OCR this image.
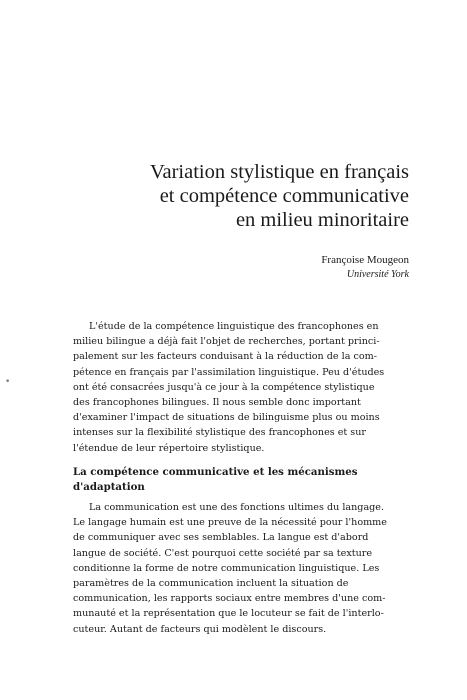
Variation stylistique en français
et compétence communicative
en milieu minoritaire
Françoise Mougeon
Université York
•
L'étude de la compétence linguistique des francophones en
milieu bilingue a déjà fait l'objet de recherches, portant princi-
palement sur les facteurs conduisant à la réduction de la com-
pétence en français par l'assimilation linguistique. Peu d'études
ont été consacrées jusqu'à ce jour à la compétence stylistique
des francophones bilingues. Il nous semble donc important
d'examiner l'impact de situations de bilinguisme plus ou moins
intenses sur la flexibilité stylistique des francophones et sur
l'étendue de leur répertoire stylistique.
La compétence communicative et les mécanismes
d'adaptation
La communication est une des fonctions ultimes du langage.
Le langage humain est une preuve de la nécessité pour l'homme
de communiquer avec ses semblables. La langue est d'abord
langue de société. C'est pourquoi cette société par sa texture
conditionne la forme de notre communication linguistique. Les
paramètres de la communication incluent la situation de
communication, les rapports sociaux entre membres d'une com-
munauté et la représentation que le locuteur se fait de l'interlo-
cuteur. Autant de facteurs qui modèlent le discours.
